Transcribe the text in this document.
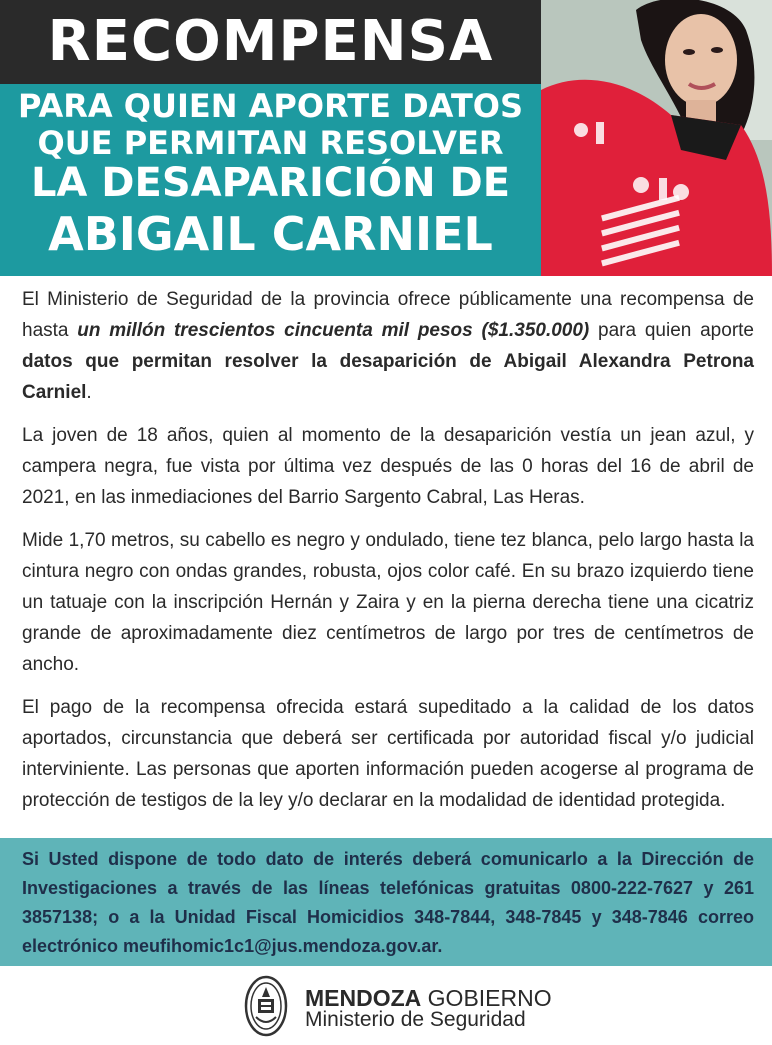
RECOMPENSA
PARA QUIEN APORTE DATOS
QUE PERMITAN RESOLVER
LA DESAPARICIÓN DE
ABIGAIL CARNIEL

El Ministerio de Seguridad de la provincia ofrece públicamente una recompensa de hasta un millón trescientos cincuenta mil pesos ($1.350.000) para quien aporte datos que permitan resolver la desaparición de Abigail Alexandra Petrona Carniel.

La joven de 18 años, quien al momento de la desaparición vestía un jean azul, y campera negra, fue vista por última vez después de las 0 horas del 16 de abril de 2021, en las inmediaciones del Barrio Sargento Cabral, Las Heras.

Mide 1,70 metros, su cabello es negro y ondulado, tiene tez blanca, pelo largo hasta la cintura negro con ondas grandes, robusta, ojos color café. En su brazo izquierdo tiene un tatuaje con la inscripción Hernán y Zaira y en la pierna derecha tiene una cicatriz grande de aproximadamente diez centímetros de largo por tres de centímetros de ancho.

El pago de la recompensa ofrecida estará supeditado a la calidad de los datos aportados, circunstancia que deberá ser certificada por autoridad fiscal y/o judicial interviniente. Las personas que aporten información pueden acogerse al programa de protección de testigos de la ley y/o declarar en la modalidad de identidad protegida.

Si Usted dispone de todo dato de interés deberá comunicarlo a la Dirección de Investigaciones a través de las líneas telefónicas gratuitas 0800-222-7627 y 261 3857138; o a la Unidad Fiscal Homicidios 348-7844, 348-7845 y 348-7846 correo electrónico meufihomic1c1@jus.mendoza.gov.ar.
MENDOZA GOBIERNO
Ministerio de Seguridad
